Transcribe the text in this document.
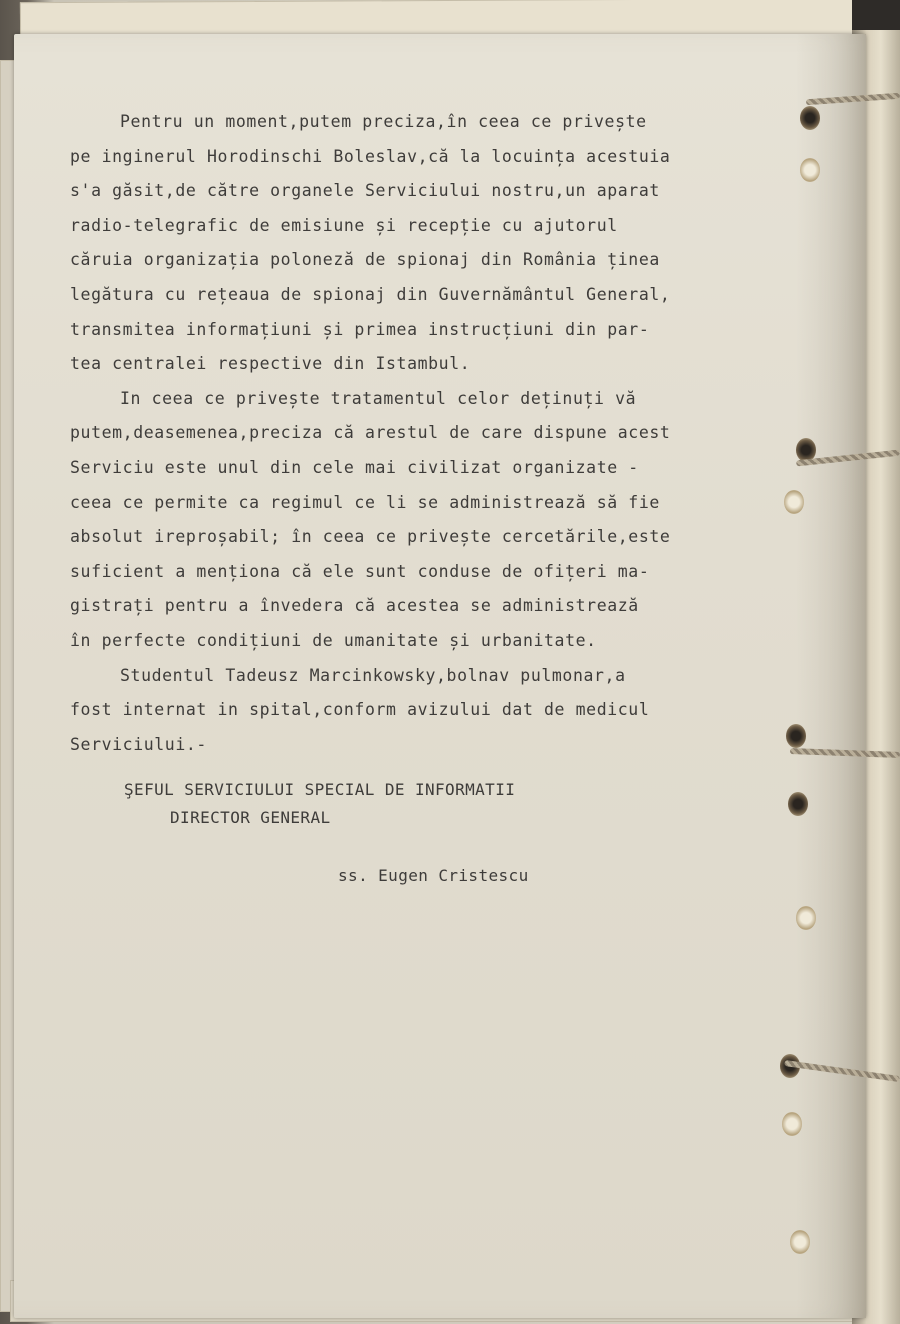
Pentru un moment,putem preciza,în ceea ce privește
pe inginerul Horodinschi Boleslav,că la locuința acestuia
s'a găsit,de către organele Serviciului nostru,un aparat
radio-telegrafic de emisiune și recepție cu ajutorul
căruia organizația poloneză de spionaj din România ținea
legătura cu rețeaua de spionaj din Guvernământul General,
transmitea informațiuni și primea instrucțiuni din par-
tea centralei respective din Istambul.
In ceea ce privește tratamentul celor deținuți vă
putem,deasemenea,preciza că arestul de care dispune acest
Serviciu este unul din cele mai civilizat organizate -
ceea ce permite ca regimul ce li se administrează să fie
absolut ireproșabil; în ceea ce privește cercetările,este
suficient a menționa că ele sunt conduse de ofițeri ma-
gistrați pentru a învedera că acestea se administrează
în perfecte condițiuni de umanitate și urbanitate.
Studentul Tadeusz Marcinkowsky,bolnav pulmonar,a
fost internat in spital,conform avizului dat de medicul
Serviciului.-
ŞEFUL SERVICIULUI SPECIAL DE INFORMATII
DIRECTOR GENERAL
ss. Eugen Cristescu
